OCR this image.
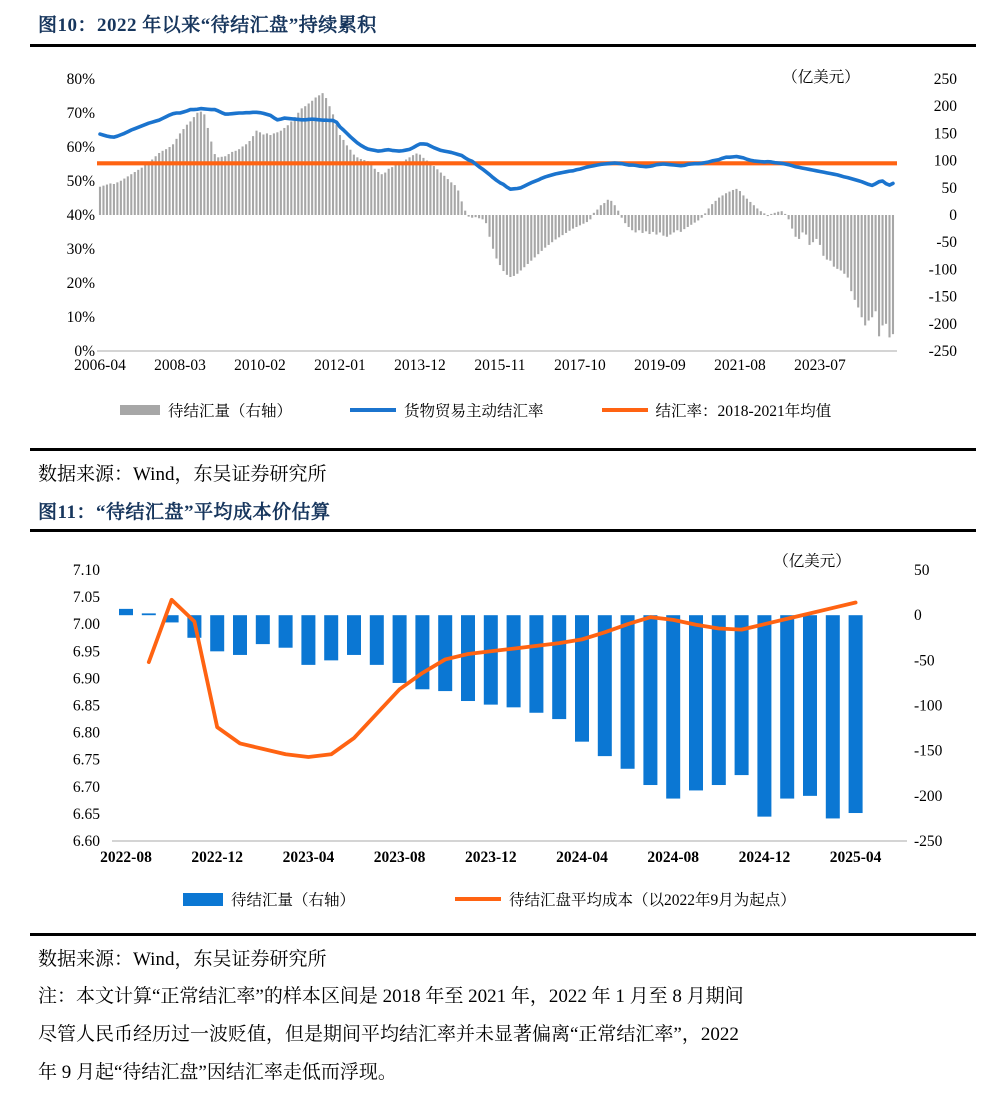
图10：2022 年以来“待结汇盘”持续累积
0%
10%
20%
30%
40%
50%
60%
70%
80%
-250
-200
-150
-100
-50
0
50
100
150
200
250
2006-04 2008-03 2010-02 2012-01 2013-12 2015-11 2017-10 2019-09 2021-08 2023-07
（亿美元）
待结汇量（右轴）	货物贸易主动结汇率	结汇率：2018-2021年均值
数据来源：Wind，东吴证券研究所
图11：“待结汇盘”平均成本价估算
6.60
6.65
6.70
6.75
6.80
6.85
6.90
6.95
7.00
7.05
7.10
-250
-200
-150
-100
-50
0
50
2022-08	2022-12	2023-04	2023-08	2023-12	2024-04	2024-08	2024-12	2025-04
（亿美元）
待结汇量（右轴）	待结汇盘平均成本（以2022年9月为起点）
数据来源：Wind，东吴证券研究所
注：本文计算“正常结汇率”的样本区间是 2018 年至 2021 年，2022 年 1 月至 8 月期间
尽管人民币经历过一波贬值，但是期间平均结汇率并未显著偏离“正常结汇率”，2022
年 9 月起“待结汇盘”因结汇率走低而浮现。
